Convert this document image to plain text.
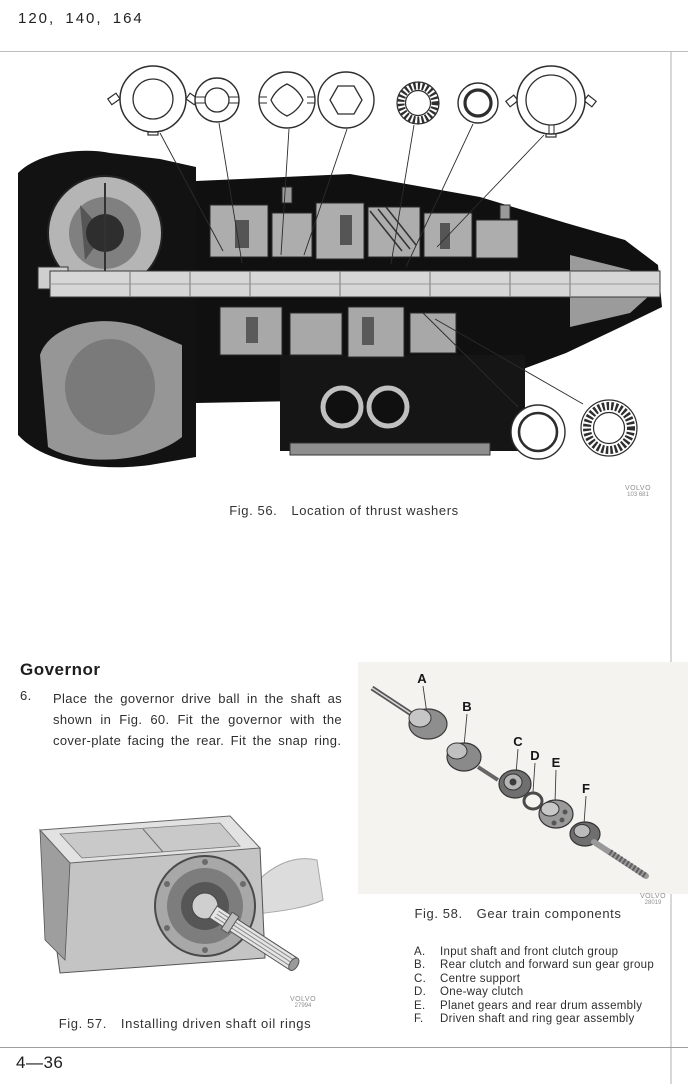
120, 140, 164
VOLVO
103 681
Fig. 56. Location of thrust washers
Governor
6.	Place the governor drive ball in the shaft as shown in Fig. 60. Fit the governor with the cover-plate facing the rear. Fit the snap ring.
VOLVO
27994
Fig. 57. Installing driven shaft oil rings
A
B
C
D E
F
VOLVO
28019
Fig. 58. Gear train components
A.	Input shaft and front clutch group
B.	Rear clutch and forward sun gear group
C.	Centre support
D.	One-way clutch
E.	Planet gears and rear drum assembly
F.	Driven shaft and ring gear assembly
4—36
